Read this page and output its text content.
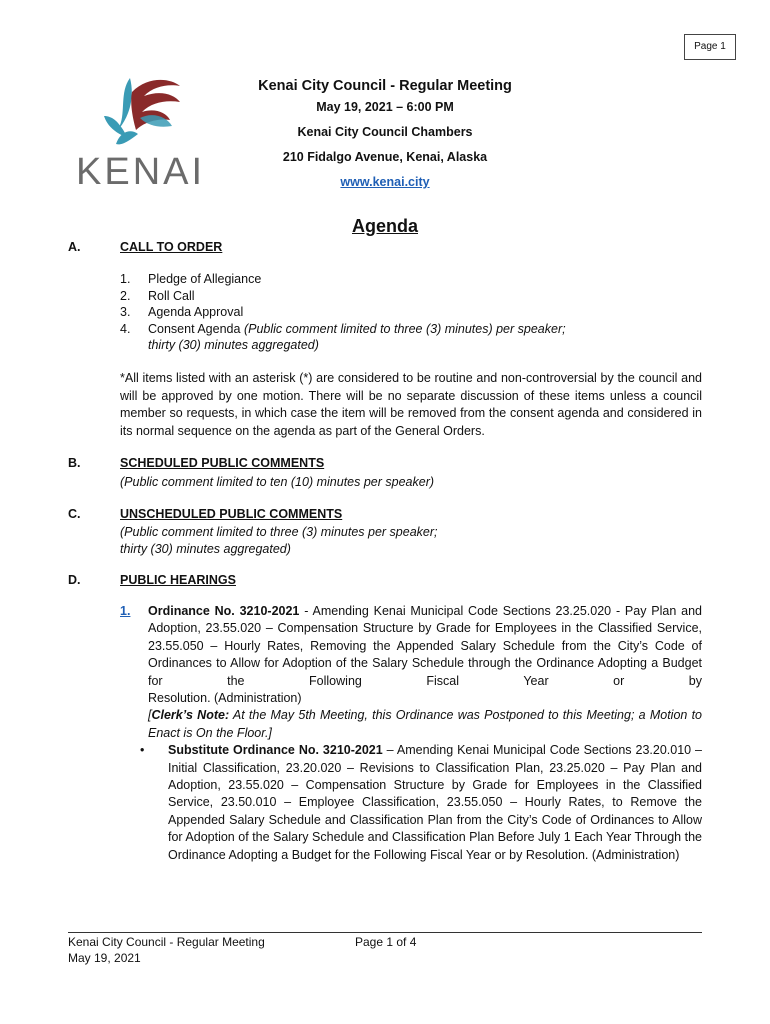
Page 1
KENAI
Kenai City Council - Regular Meeting
May 19, 2021 – 6:00 PM
Kenai City Council Chambers
210 Fidalgo Avenue, Kenai, Alaska
www.kenai.city
Agenda
A.	CALL TO ORDER
1.	Pledge of Allegiance
2.	Roll Call
3.	Agenda Approval
4.	Consent Agenda (Public comment limited to three (3) minutes) per speaker;
thirty (30) minutes aggregated)
*All items listed with an asterisk (*) are considered to be routine and non-controversial by the council and will be approved by one motion. There will be no separate discussion of these items unless a council member so requests, in which case the item will be removed from the consent agenda and considered in its normal sequence on the agenda as part of the General Orders.
B.	SCHEDULED PUBLIC COMMENTS
(Public comment limited to ten (10) minutes per speaker)
C.	UNSCHEDULED PUBLIC COMMENTS
(Public comment limited to three (3) minutes per speaker;
thirty (30) minutes aggregated)
D.	PUBLIC HEARINGS
1.	Ordinance No. 3210-2021 - Amending Kenai Municipal Code Sections 23.25.020 - Pay Plan and Adoption, 23.55.020 – Compensation Structure by Grade for Employees in the Classified Service, 23.55.050 – Hourly Rates, Removing the Appended Salary Schedule from the City’s Code of Ordinances to Allow for Adoption of the Salary Schedule through the Ordinance Adopting a Budget for the Following Fiscal Year or by
Resolution. (Administration)
[Clerk’s Note: At the May 5th Meeting, this Ordinance was Postponed to this Meeting; a Motion to Enact is On the Floor.]
•	Substitute Ordinance No. 3210-2021 – Amending Kenai Municipal Code Sections 23.20.010 – Initial Classification, 23.20.020 – Revisions to Classification Plan, 23.25.020 – Pay Plan and Adoption, 23.55.020 – Compensation Structure by Grade for Employees in the Classified Service, 23.50.010 – Employee Classification, 23.55.050 – Hourly Rates, to Remove the Appended Salary Schedule and Classification Plan from the City’s Code of Ordinances to Allow for Adoption of the Salary Schedule and Classification Plan Before July 1 Each Year Through the Ordinance Adopting a Budget for the Following Fiscal Year or by Resolution. (Administration)
Kenai City Council - Regular Meeting
May 19, 2021
Page 1 of 4
